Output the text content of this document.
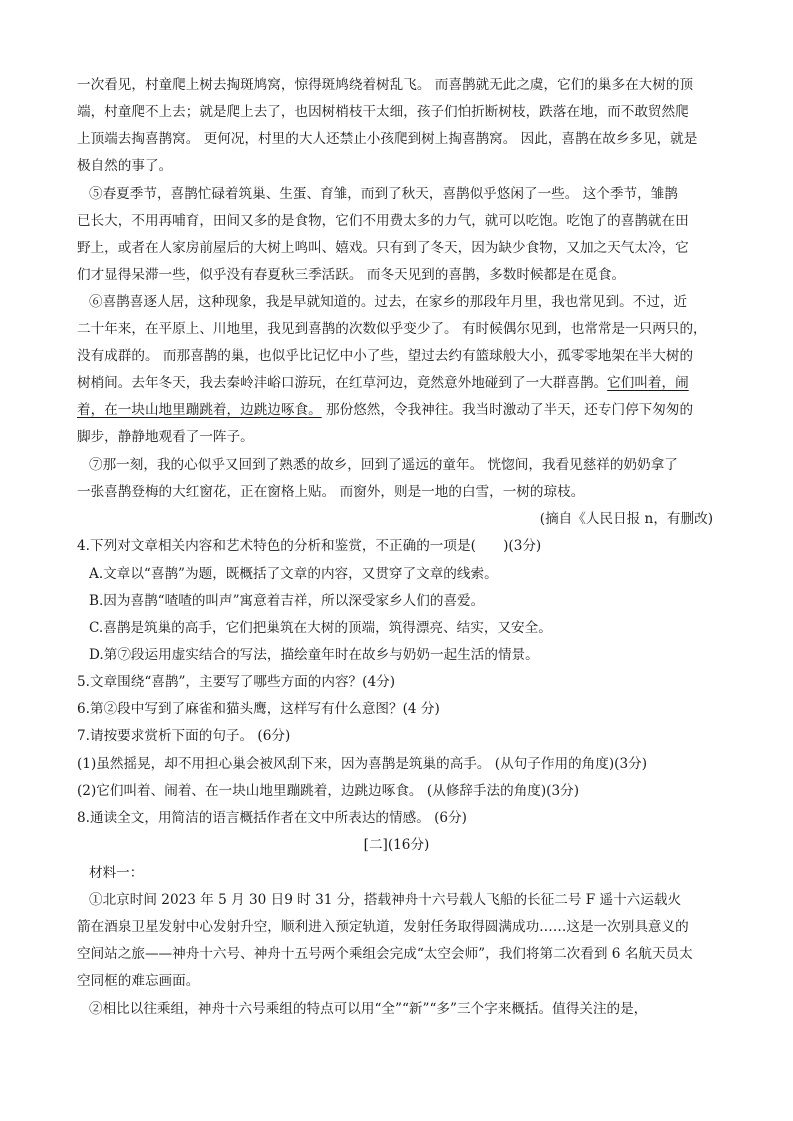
一次看见，村童爬上树去掏斑鸠窝，惊得斑鸠绕着树乱飞。 而喜鹊就无此之虞，它们的巢多在大树的顶
端，村童爬不上去；就是爬上去了，也因树梢枝干太细，孩子们怕折断树枝，跌落在地，而不敢贸然爬
上顶端去掏喜鹊窝。 更何况，村里的大人还禁止小孩爬到树上掏喜鹊窝。 因此，喜鹊在故乡多见，就是
极自然的事了。
⑤春夏季节，喜鹊忙碌着筑巢、生蛋、育雏，而到了秋天，喜鹊似乎悠闲了一些。 这个季节，雏鹊
已长大，不用再哺育，田间又多的是食物，它们不用费太多的力气，就可以吃饱。吃饱了的喜鹊就在田
野上，或者在人家房前屋后的大树上鸣叫、嬉戏。只有到了冬天，因为缺少食物，又加之天气太冷，它
们才显得呆滞一些，似乎没有春夏秋三季活跃。 而冬天见到的喜鹊，多数时候都是在觅食。
⑥喜鹊喜逐人居，这种现象，我是早就知道的。过去，在家乡的那段年月里，我也常见到。不过，近
二十年来，在平原上、川地里，我见到喜鹊的次数似乎变少了。 有时候偶尔见到，也常常是一只两只的，
没有成群的。 而那喜鹊的巢，也似乎比记忆中小了些，望过去约有篮球般大小，孤零零地架在半大树的
树梢间。去年冬天，我去秦岭沣峪口游玩，在红草河边，竟然意外地碰到了一大群喜鹊。它们叫着，闹
着，在一块山地里蹦跳着，边跳边啄食。 那份悠然，令我神往。我当时激动了半天，还专门停下匆匆的
脚步，静静地观看了一阵子。
⑦那一刻，我的心似乎又回到了熟悉的故乡，回到了遥远的童年。 恍惚间，我看见慈祥的奶奶拿了
一张喜鹊登梅的大红窗花，正在窗格上贴。 而窗外，则是一地的白雪，一树的琼枝。
(摘自《人民日报 n，有删改)
4.下列对文章相关内容和艺术特色的分析和鉴赏，不正确的一项是(　　)(3分)
A.文章以“喜鹊”为题，既概括了文章的内容，又贯穿了文章的线索。
B.因为喜鹊“喳喳的叫声”寓意着吉祥，所以深受家乡人们的喜爱。
C.喜鹊是筑巢的高手，它们把巢筑在大树的顶端，筑得漂亮、结实，又安全。
D.第⑦段运用虚实结合的写法，描绘童年时在故乡与奶奶一起生活的情景。
5.文章围绕“喜鹊”，主要写了哪些方面的内容？(4分)
6.第②段中写到了麻雀和猫头鹰，这样写有什么意图？(4 分)
7.请按要求赏析下面的句子。 (6分)
(1)虽然摇晃，却不用担心巢会被风刮下来，因为喜鹊是筑巢的高手。 (从句子作用的角度)(3分)
(2)它们叫着、闹着、在一块山地里蹦跳着，边跳边啄食。 (从修辞手法的角度)(3分)
8.通读全文，用简洁的语言概括作者在文中所表达的情感。 (6分)
[二](16分)
材料一：
①北京时间 2023 年 5 月 30 日9 时 31 分，搭载神舟十六号载人飞船的长征二号 F 遥十六运载火
箭在酒泉卫星发射中心发射升空，顺利进入预定轨道，发射任务取得圆满成功……这是一次别具意义的
空间站之旅——神舟十六号、神舟十五号两个乘组会完成“太空会师”，我们将第二次看到 6 名航天员太
空同框的难忘画面。
②相比以往乘组，神舟十六号乘组的特点可以用“全”“新”“多”三个字来概括。值得关注的是，
